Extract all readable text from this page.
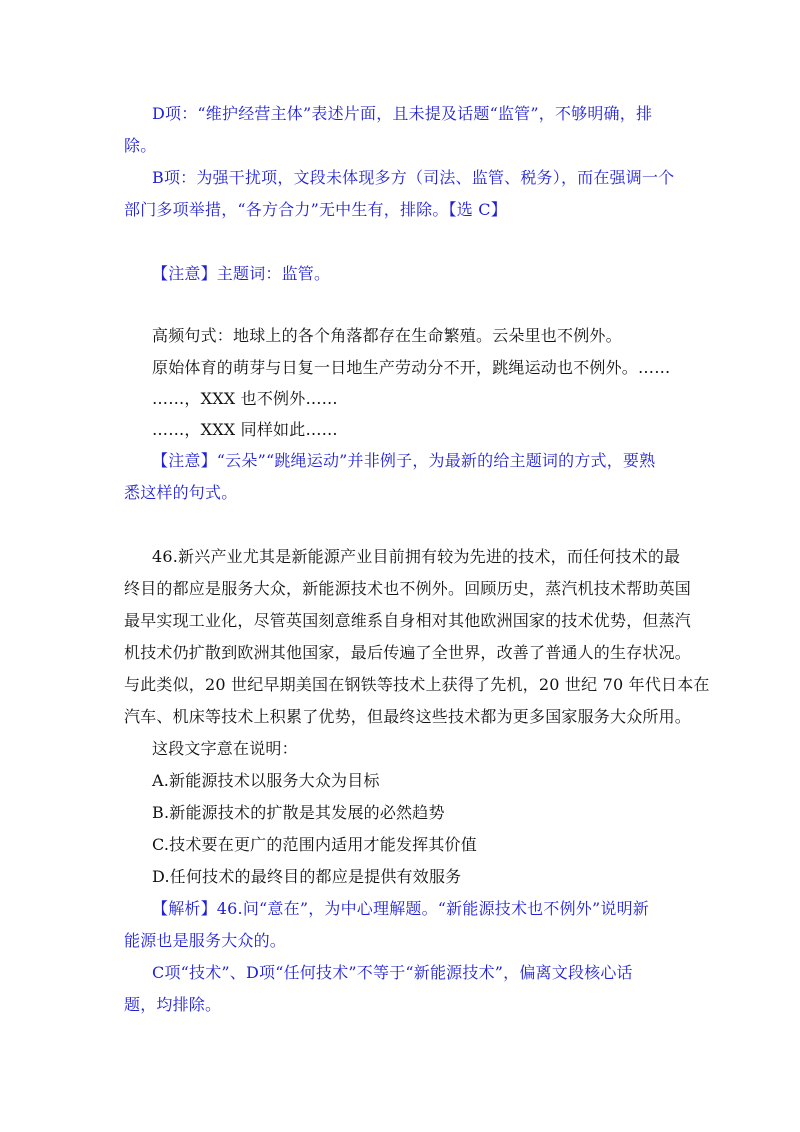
D项：“维护经营主体”表述片面，且未提及话题“监管”，不够明确，排
除。
B项：为强干扰项，文段未体现多方（司法、监管、税务），而在强调一个
部门多项举措，“各方合力”无中生有，排除。【选 C】
【注意】主题词：监管。
高频句式：地球上的各个角落都存在生命繁殖。云朵里也不例外。
原始体育的萌芽与日复一日地生产劳动分不开，跳绳运动也不例外。……
……，XXX 也不例外……
……，XXX 同样如此……
【注意】“云朵”“跳绳运动”并非例子，为最新的给主题词的方式，要熟
悉这样的句式。
46.新兴产业尤其是新能源产业目前拥有较为先进的技术，而任何技术的最
终目的都应是服务大众，新能源技术也不例外。回顾历史，蒸汽机技术帮助英国
最早实现工业化，尽管英国刻意维系自身相对其他欧洲国家的技术优势，但蒸汽
机技术仍扩散到欧洲其他国家，最后传遍了全世界，改善了普通人的生存状况。
与此类似，20 世纪早期美国在钢铁等技术上获得了先机，20 世纪 70 年代日本在
汽车、机床等技术上积累了优势，但最终这些技术都为更多国家服务大众所用。
这段文字意在说明：
A.新能源技术以服务大众为目标
B.新能源技术的扩散是其发展的必然趋势
C.技术要在更广的范围内适用才能发挥其价值
D.任何技术的最终目的都应是提供有效服务
【解析】46.问“意在”，为中心理解题。“新能源技术也不例外”说明新
能源也是服务大众的。
C项“技术”、D项“任何技术”不等于“新能源技术”，偏离文段核心话
题，均排除。
